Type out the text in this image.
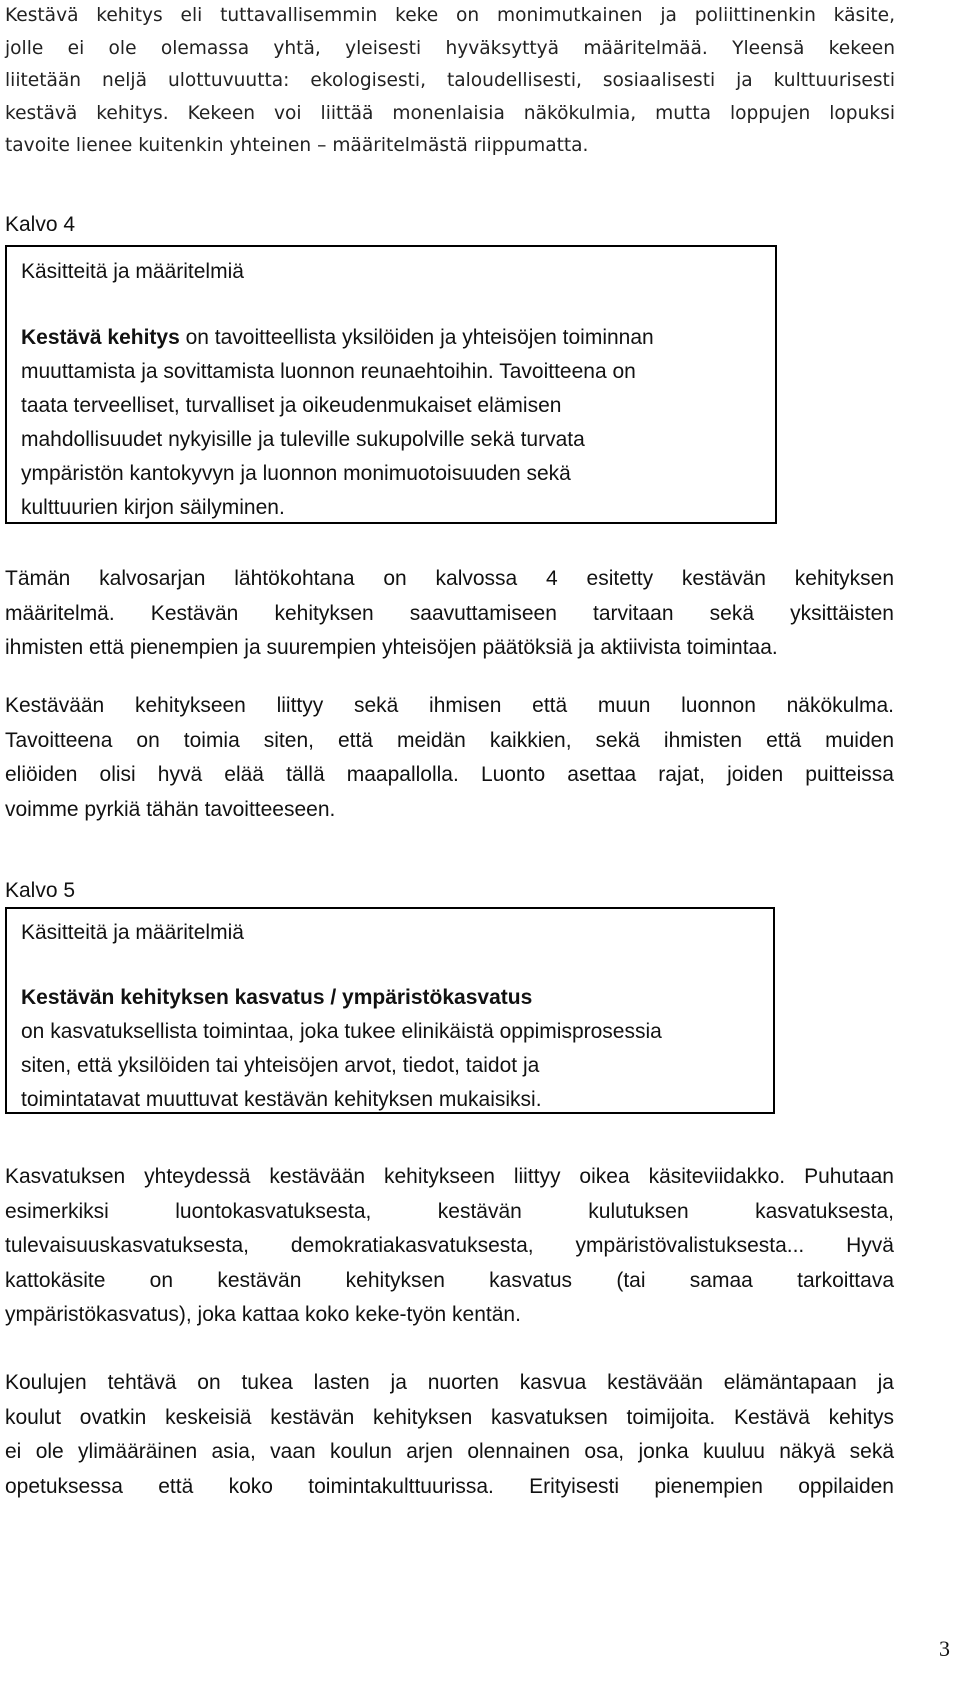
Kestävä kehitys eli tuttavallisemmin keke on monimutkainen ja poliittinenkin käsite,
jolle ei ole olemassa yhtä, yleisesti hyväksyttyä määritelmää. Yleensä kekeen
liitetään neljä ulottuvuutta: ekologisesti, taloudellisesti, sosiaalisesti ja kulttuurisesti
kestävä kehitys. Kekeen voi liittää monenlaisia näkökulmia, mutta loppujen lopuksi
tavoite lienee kuitenkin yhteinen – määritelmästä riippumatta.
Kalvo 4
Käsitteitä ja määritelmiä
Kestävä kehitys on tavoitteellista yksilöiden ja yhteisöjen toiminnan
muuttamista ja sovittamista luonnon reunaehtoihin. Tavoitteena on
taata terveelliset, turvalliset ja oikeudenmukaiset elämisen
mahdollisuudet nykyisille ja tuleville sukupolville sekä turvata
ympäristön kantokyvyn ja luonnon monimuotoisuuden sekä
kulttuurien kirjon säilyminen.
Tämän kalvosarjan lähtökohtana on kalvossa 4 esitetty kestävän kehityksen
määritelmä. Kestävän kehityksen saavuttamiseen tarvitaan sekä yksittäisten
ihmisten että pienempien ja suurempien yhteisöjen päätöksiä ja aktiivista toimintaa.
Kestävään kehitykseen liittyy sekä ihmisen että muun luonnon näkökulma.
Tavoitteena on toimia siten, että meidän kaikkien, sekä ihmisten että muiden
eliöiden olisi hyvä elää tällä maapallolla. Luonto asettaa rajat, joiden puitteissa
voimme pyrkiä tähän tavoitteeseen.
Kalvo 5
Käsitteitä ja määritelmiä
Kestävän kehityksen kasvatus / ympäristökasvatus
on kasvatuksellista toimintaa, joka tukee elinikäistä oppimisprosessia
siten, että yksilöiden tai yhteisöjen arvot, tiedot, taidot ja
toimintatavat muuttuvat kestävän kehityksen mukaisiksi.
Kasvatuksen yhteydessä kestävään kehitykseen liittyy oikea käsiteviidakko. Puhutaan
esimerkiksi luontokasvatuksesta, kestävän kulutuksen kasvatuksesta,
tulevaisuuskasvatuksesta, demokratiakasvatuksesta, ympäristövalistuksesta... Hyvä
kattokäsite on kestävän kehityksen kasvatus (tai samaa tarkoittava
ympäristökasvatus), joka kattaa koko keke-työn kentän.
Koulujen tehtävä on tukea lasten ja nuorten kasvua kestävään elämäntapaan ja
koulut ovatkin keskeisiä kestävän kehityksen kasvatuksen toimijoita. Kestävä kehitys
ei ole ylimääräinen asia, vaan koulun arjen olennainen osa, jonka kuuluu näkyä sekä
opetuksessa että koko toimintakulttuurissa. Erityisesti pienempien oppilaiden
3
